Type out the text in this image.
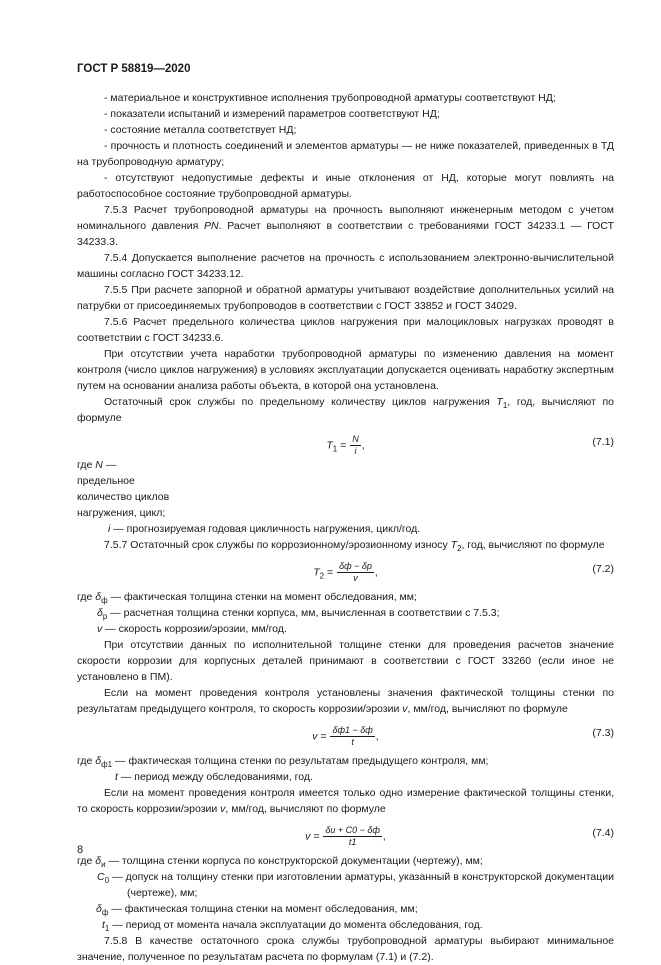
ГОСТ Р 58819—2020

- материальное и конструктивное исполнения трубопроводной арматуры соответствуют НД;

- показатели испытаний и измерений параметров соответствуют НД;

- состояние металла соответствует НД;

- прочность и плотность соединений и элементов арматуры — не ниже показателей, приведенных в ТД на трубопроводную арматуру;

- отсутствуют недопустимые дефекты и иные отклонения от НД, которые могут повлиять на работоспособное состояние трубопроводной арматуры.

7.5.3 Расчет трубопроводной арматуры на прочность выполняют инженерным методом с учетом номинального давления PN. Расчет выполняют в соответствии с требованиями ГОСТ 34233.1 — ГОСТ 34233.3.

7.5.4 Допускается выполнение расчетов на прочность с использованием электронно-вычислительной машины согласно ГОСТ 34233.12.

7.5.5 При расчете запорной и обратной арматуры учитывают воздействие дополнительных усилий на патрубки от присоединяемых трубопроводов в соответствии с ГОСТ 33852 и ГОСТ 34029.

7.5.6 Расчет предельного количества циклов нагружения при малоцикловых нагрузках проводят в соответствии с ГОСТ 34233.6.

При отсутствии учета наработки трубопроводной арматуры по изменению давления на момент контроля (число циклов нагружения) в условиях эксплуатации допускается оценивать наработку экспертным путем на основании анализа работы объекта, в которой она установлена.

Остаточный срок службы по предельному количеству циклов нагружения $T_1$, год, вычисляют по формуле

$T_1 = \frac{N}{i}$ ,	(7.1)

где N — предельное количество циклов нагружения, цикл;

i — прогнозируемая годовая цикличность нагружения, цикл/год.

7.5.7 Остаточный срок службы по коррозионному/эрозионному износу $T_2$, год, вычисляют по формуле

$T_2 = \frac{\delta ф - \delta р}{v}$ ,	(7.2)

где $\delta_ф$ — фактическая толщина стенки на момент обследования, мм;

$\delta_р$ — расчетная толщина стенки корпуса, мм, вычисленная в соответствии с 7.5.3;

v — скорость коррозии/эрозии, мм/год.

При отсутствии данных по исполнительной толщине стенки для проведения расчетов значение скорости коррозии для корпусных деталей принимают в соответствии с ГОСТ 33260 (если иное не установлено в ПМ).

Если на момент проведения контроля установлены значения фактической толщины стенки по результатам предыдущего контроля, то скорость коррозии/эрозии v, мм/год, вычисляют по формуле

$v = \frac{\delta ф1 - \delta ф}{t}$ ,	(7.3)

где $\delta_{ф1}$ — фактическая толщина стенки по результатам предыдущего контроля, мм;

t — период между обследованиями, год.

Если на момент проведения контроля имеется только одно измерение фактической толщины стенки, то скорость коррозии/эрозии v, мм/год, вычисляют по формуле

$v = \frac{\delta и + C0 - \delta ф}{t1}$ ,	(7.4)

где $\delta_и$ — толщина стенки корпуса по конструкторской документации (чертежу), мм;

$C_0$ — допуск на толщину стенки при изготовлении арматуры, указанный в конструкторской документации (чертеже), мм;

$\delta_ф$ — фактическая толщина стенки на момент обследования, мм;

$t_1$ — период от момента начала эксплуатации до момента обследования, год.

7.5.8 В качестве остаточного срока службы трубопроводной арматуры выбирают минимальное значение, полученное по результатам расчета по формулам (7.1) и (7.2).

8
